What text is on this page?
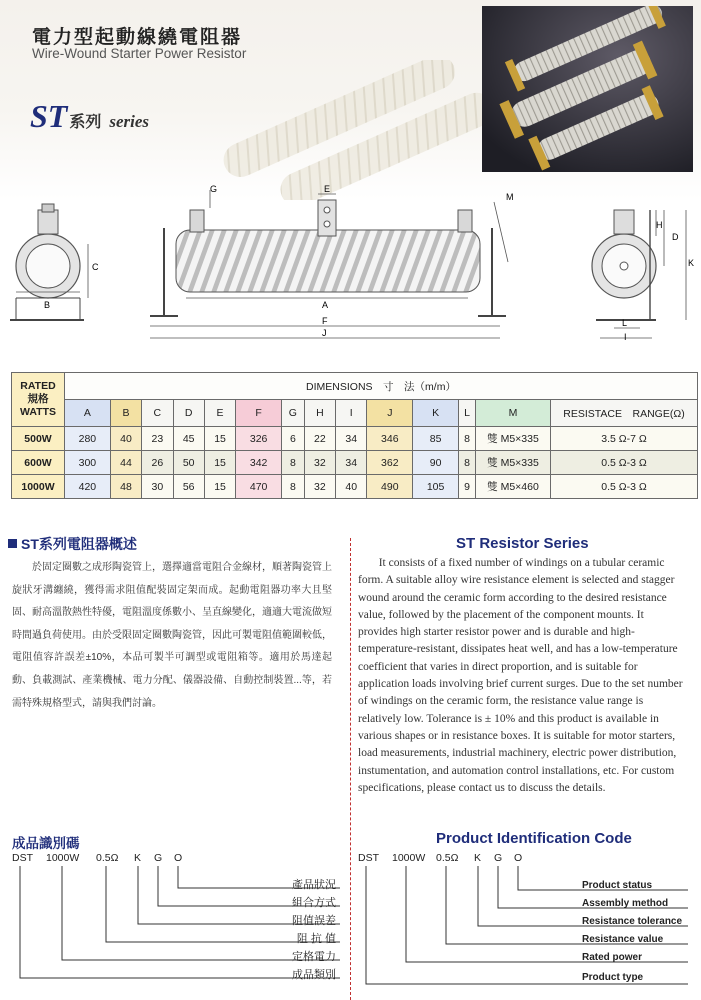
電力型起動線繞電阻器
Wire-Wound Starter Power Resistor
ST 系列 series
B
C
G	E
M
A
F
J
H
D
K
L
I
RATED
規格
WATTS	DIMENSIONS　寸　法（m/m）													
	A	B	C	D	E	F	G	H	I	J	K	L	M	RESISTACE　RANGE(Ω)
500W	280	40	23	45	15	326	6	22	34	346	85	8	雙 M5×335	3.5 Ω-7 Ω
600W	300	44	26	50	15	342	8	32	34	362	90	8	雙 M5×335	0.5 Ω-3 Ω
1000W	420	48	30	56	15	470	8	32	40	490	105	9	雙 M5×460	0.5 Ω-3 Ω
ST系列電阻器概述
於固定圈數之成形陶瓷管上，選擇適當電阻合金線材，順著陶瓷管上旋狀牙溝纏繞，獲得需求阻值配裝固定架而成。起動電阻器功率大且堅固、耐高溫散熱性特優，電阻溫度係數小、呈直線變化，適適大電流做短時間過負荷使用。由於受限固定圈數陶瓷管，因此可製電阻值範圍較低，電阻值容許誤差±10%，本品可製半可調型或電阻箱等。適用於馬達起動、負載測試、產業機械、電力分配、儀器設備、自動控制裝置...等，若需特殊規格型式，請與我們討論。
ST Resistor Series
It consists of a fixed number of windings on a tubular ceramic form. A suitable alloy wire resistance element is selected and stagger wound around the ceramic form according to the desired resistance value, followed by the placement of the component mounts. It provides high starter resistor power and is durable and high-temperature-resistant, dissipates heat well, and has a low-temperature coefficient that varies in direct proportion, and is suitable for application loads involving brief current surges. Due to the set number of windings on the ceramic form, the resistance value range is relatively low. Tolerance is ± 10% and this product is available in various shapes or in resistance boxes. It is suitable for motor starters, load measurements, industrial machinery, electric power distribution, instumentation, and automation control installations, etc. For custom specifications, please contact us to discuss the details.
成品識別碼
DST 1000W 0.5Ω K G O
產品狀況
組合方式
阻值誤差
阻 抗 值
定格電力
成品類別
Product Identification Code
DST 1000W 0.5Ω K G O
Product status
Assembly method
Resistance tolerance
Resistance value
Rated power
Product type
